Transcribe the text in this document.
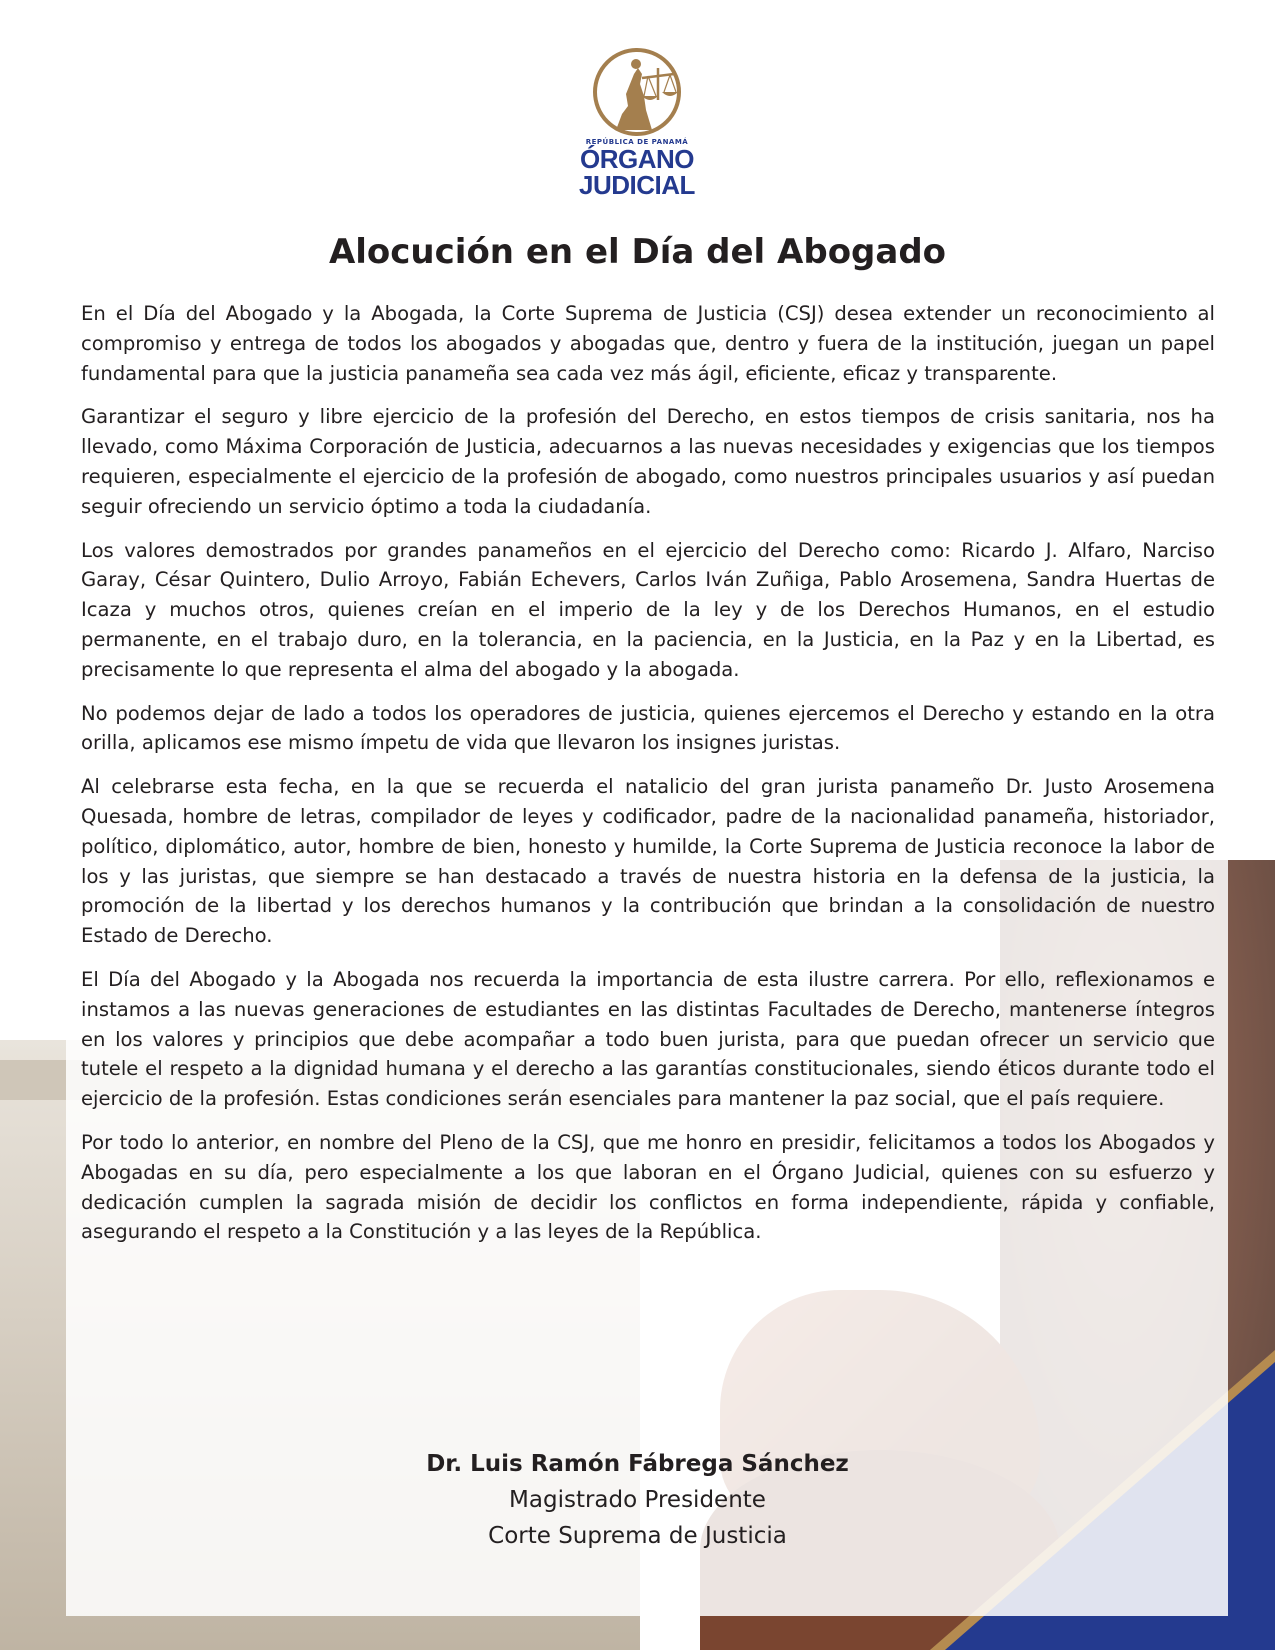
REPÚBLICA DE PANAMÁ
ÓRGANO
JUDICIAL
Alocución en el Día del Abogado

En el Día del Abogado y la Abogada, la Corte Suprema de Justicia (CSJ) desea extender un reconocimiento al compromiso y entrega de todos los abogados y abogadas que, dentro y fuera de la institución, juegan un papel fundamental para que la justicia panameña sea cada vez más ágil, eficiente, eficaz y transparente.

Garantizar el seguro y libre ejercicio de la profesión del Derecho, en estos tiempos de crisis sanitaria, nos ha llevado, como Máxima Corporación de Justicia, adecuarnos a las nuevas necesidades y exigencias que los tiempos requieren, especialmente el ejercicio de la profesión de abogado, como nuestros principales usuarios y así puedan seguir ofreciendo un servicio óptimo a toda la ciudadanía.

Los valores demostrados por grandes panameños en el ejercicio del Derecho como: Ricardo J. Alfaro, Narciso Garay, César Quintero, Dulio Arroyo, Fabián Echevers, Carlos Iván Zuñiga, Pablo Arosemena, Sandra Huertas de Icaza y muchos otros, quienes creían en el imperio de la ley y de los Derechos Humanos, en el estudio permanente, en el trabajo duro, en la tolerancia, en la paciencia, en la Justicia, en la Paz y en la Libertad, es precisamente lo que representa el alma del abogado y la abogada.

No podemos dejar de lado a todos los operadores de justicia, quienes ejercemos el Derecho y estando en la otra orilla, aplicamos ese mismo ímpetu de vida que llevaron los insignes juristas.

Al celebrarse esta fecha, en la que se recuerda el natalicio del gran jurista panameño Dr. Justo Arosemena Quesada, hombre de letras, compilador de leyes y codificador, padre de la nacionalidad panameña, historiador, político, diplomático, autor, hombre de bien, honesto y humilde, la Corte Suprema de Justicia reconoce la labor de los y las juristas, que siempre se han destacado a través de nuestra historia en la defensa de la justicia, la promoción de la libertad y los derechos humanos y la contribución que brindan a la consolidación de nuestro Estado de Derecho.

El Día del Abogado y la Abogada nos recuerda la importancia de esta ilustre carrera. Por ello, reflexionamos e instamos a las nuevas generaciones de estudiantes en las distintas Facultades de Derecho, mantenerse íntegros en los valores y principios que debe acompañar a todo buen jurista, para que puedan ofrecer un servicio que tutele el respeto a la dignidad humana y el derecho a las garantías constitucionales, siendo éticos durante todo el ejercicio de la profesión. Estas condiciones serán esenciales para mantener la paz social, que el país requiere.

Por todo lo anterior, en nombre del Pleno de la CSJ, que me honro en presidir, felicitamos a todos los Abogados y Abogadas en su día, pero especialmente a los que laboran en el Órgano Judicial, quienes con su esfuerzo y dedicación cumplen la sagrada misión de decidir los conflictos en forma independiente, rápida y confiable, asegurando el respeto a la Constitución y a las leyes de la República.

Dr. Luis Ramón Fábrega Sánchez
Magistrado Presidente
Corte Suprema de Justicia
